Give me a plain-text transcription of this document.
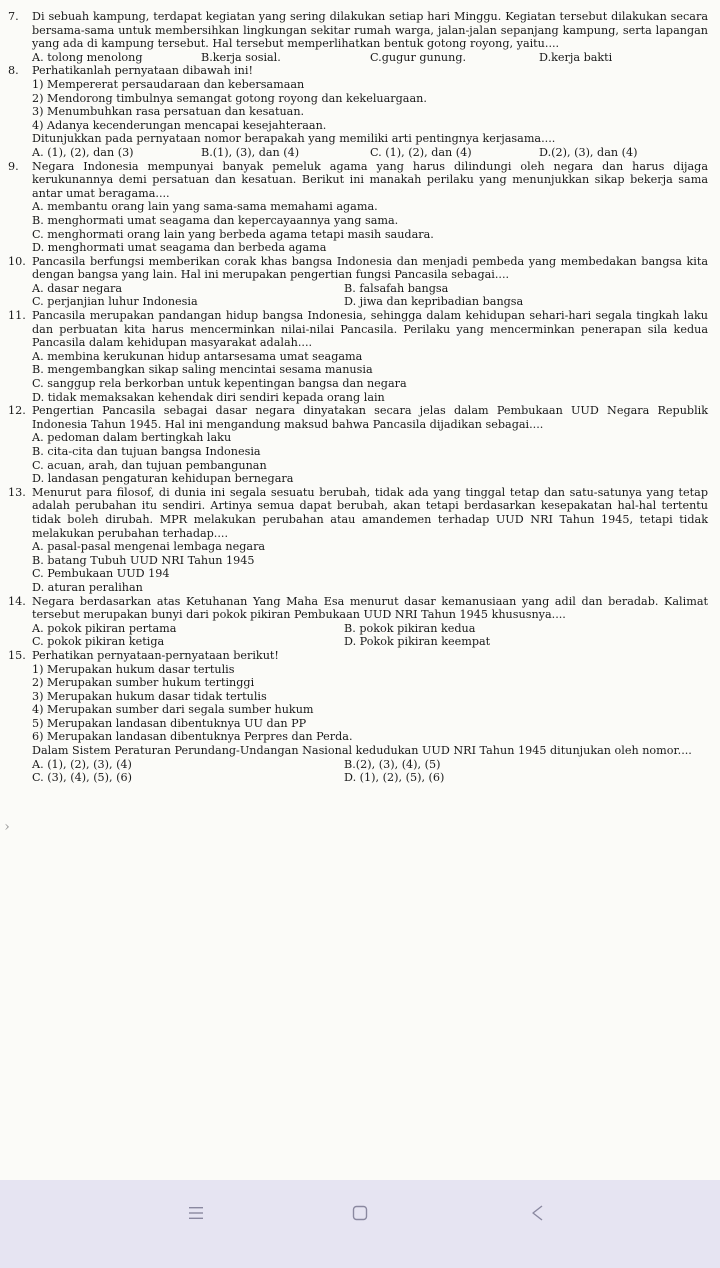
7.	Di sebuah kampung, terdapat kegiatan yang sering dilakukan setiap hari Minggu. Kegiatan tersebut dilakukan secara bersama-sama untuk membersihkan lingkungan sekitar rumah warga, jalan-jalan sepanjang kampung, serta lapangan yang ada di kampung tersebut. Hal tersebut memperlihatkan bentuk gotong royong, yaitu....
A. tolong menolong	B.kerja sosial.	C.gugur gunung.	D.kerja bakti
8.	Perhatikanlah pernyataan dibawah ini!
1) Mempererat persaudaraan dan kebersamaan
2) Mendorong timbulnya semangat gotong royong dan kekeluargaan.
3) Menumbuhkan rasa persatuan dan kesatuan.
4) Adanya kecenderungan mencapai kesejahteraan.
Ditunjukkan pada pernyataan nomor berapakah yang memiliki arti pentingnya kerjasama....
A. (1), (2), dan (3)	B.(1), (3), dan (4)	C. (1), (2), dan (4)	D.(2), (3), dan (4)
9.	Negara Indonesia mempunyai banyak pemeluk agama yang harus dilindungi oleh negara dan harus dijaga kerukunannya demi persatuan dan kesatuan. Berikut ini manakah perilaku yang menunjukkan sikap bekerja sama antar umat beragama....
A. membantu orang lain yang sama-sama memahami agama.
B. menghormati umat seagama dan kepercayaannya yang sama.
C. menghormati orang lain yang berbeda agama tetapi masih saudara.
D. menghormati umat seagama dan berbeda agama
10. Pancasila berfungsi memberikan corak khas bangsa Indonesia dan menjadi pembeda yang membedakan bangsa kita dengan bangsa yang lain. Hal ini merupakan pengertian fungsi Pancasila sebagai....
A. dasar negara	B. falsafah bangsa
C. perjanjian luhur Indonesia	D. jiwa dan kepribadian bangsa
11. Pancasila merupakan pandangan hidup bangsa Indonesia, sehingga dalam kehidupan sehari-hari segala tingkah laku dan perbuatan kita harus mencerminkan nilai-nilai Pancasila. Perilaku yang mencerminkan penerapan sila kedua Pancasila dalam kehidupan masyarakat adalah....
A. membina kerukunan hidup antarsesama umat seagama
B. mengembangkan sikap saling mencintai sesama manusia
C. sanggup rela berkorban untuk kepentingan bangsa dan negara
D. tidak memaksakan kehendak diri sendiri kepada orang lain
12. Pengertian Pancasila sebagai dasar negara dinyatakan secara jelas dalam Pembukaan UUD Negara Republik Indonesia Tahun 1945. Hal ini mengandung maksud bahwa Pancasila dijadikan sebagai....
A. pedoman dalam bertingkah laku
B. cita-cita dan tujuan bangsa Indonesia
C. acuan, arah, dan tujuan pembangunan
D. landasan pengaturan kehidupan bernegara
13. Menurut para filosof, di dunia ini segala sesuatu berubah, tidak ada yang tinggal tetap dan satu-satunya yang tetap adalah perubahan itu sendiri. Artinya semua dapat berubah, akan tetapi berdasarkan kesepakatan hal-hal tertentu tidak boleh dirubah. MPR melakukan perubahan atau amandemen terhadap UUD NRI Tahun 1945, tetapi tidak melakukan perubahan terhadap....
A. pasal-pasal mengenai lembaga negara
B. batang Tubuh UUD NRI Tahun 1945
C. Pembukaan UUD 194
D. aturan peralihan
14. Negara berdasarkan atas Ketuhanan Yang Maha Esa menurut dasar kemanusiaan yang adil dan beradab. Kalimat tersebut merupakan bunyi dari pokok pikiran Pembukaan UUD NRI Tahun 1945 khususnya....
A. pokok pikiran pertama	B. pokok pikiran kedua
C. pokok pikiran ketiga	D. Pokok pikiran keempat
15. Perhatikan pernyataan-pernyataan berikut!
1) Merupakan hukum dasar tertulis
2) Merupakan sumber hukum tertinggi
3) Merupakan hukum dasar tidak tertulis
4) Merupakan sumber dari segala sumber hukum
5) Merupakan landasan dibentuknya UU dan PP
6) Merupakan landasan dibentuknya Perpres dan Perda.
Dalam Sistem Peraturan Perundang-Undangan Nasional kedudukan UUD NRI Tahun 1945 ditunjukan oleh nomor....
A. (1), (2), (3), (4)	B.(2), (3), (4), (5)
C. (3), (4), (5), (6)	D. (1), (2), (5), (6)
›
